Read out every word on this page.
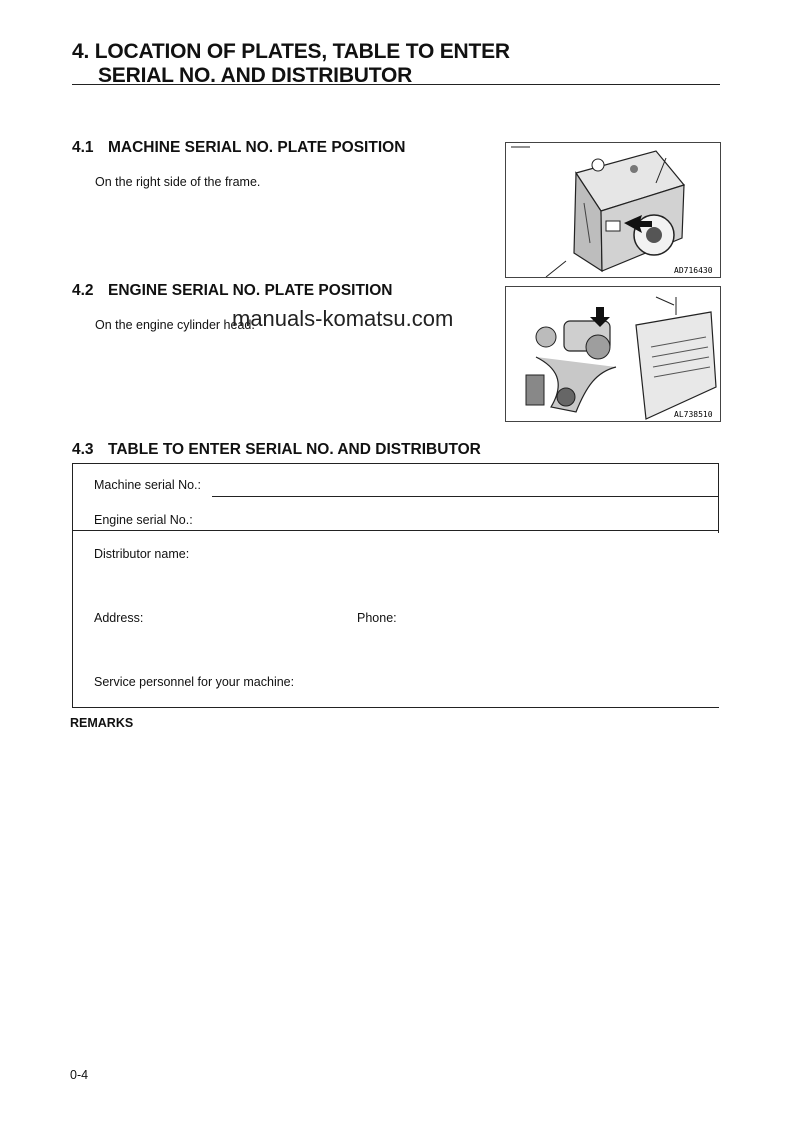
4. LOCATION OF PLATES, TABLE TO ENTER
SERIAL NO. AND DISTRIBUTOR
4.1 MACHINE SERIAL NO. PLATE POSITION

On the right side of the frame.

AD716430
4.2 ENGINE SERIAL NO. PLATE POSITION

On the engine cylinder head.

AL738510
manuals-komatsu.com
4.3 TABLE TO ENTER SERIAL NO. AND DISTRIBUTOR
Machine serial No.:
Engine serial No.:
Distributor name:
Address:	Phone:
Service personnel for your machine:
REMARKS
0-4
